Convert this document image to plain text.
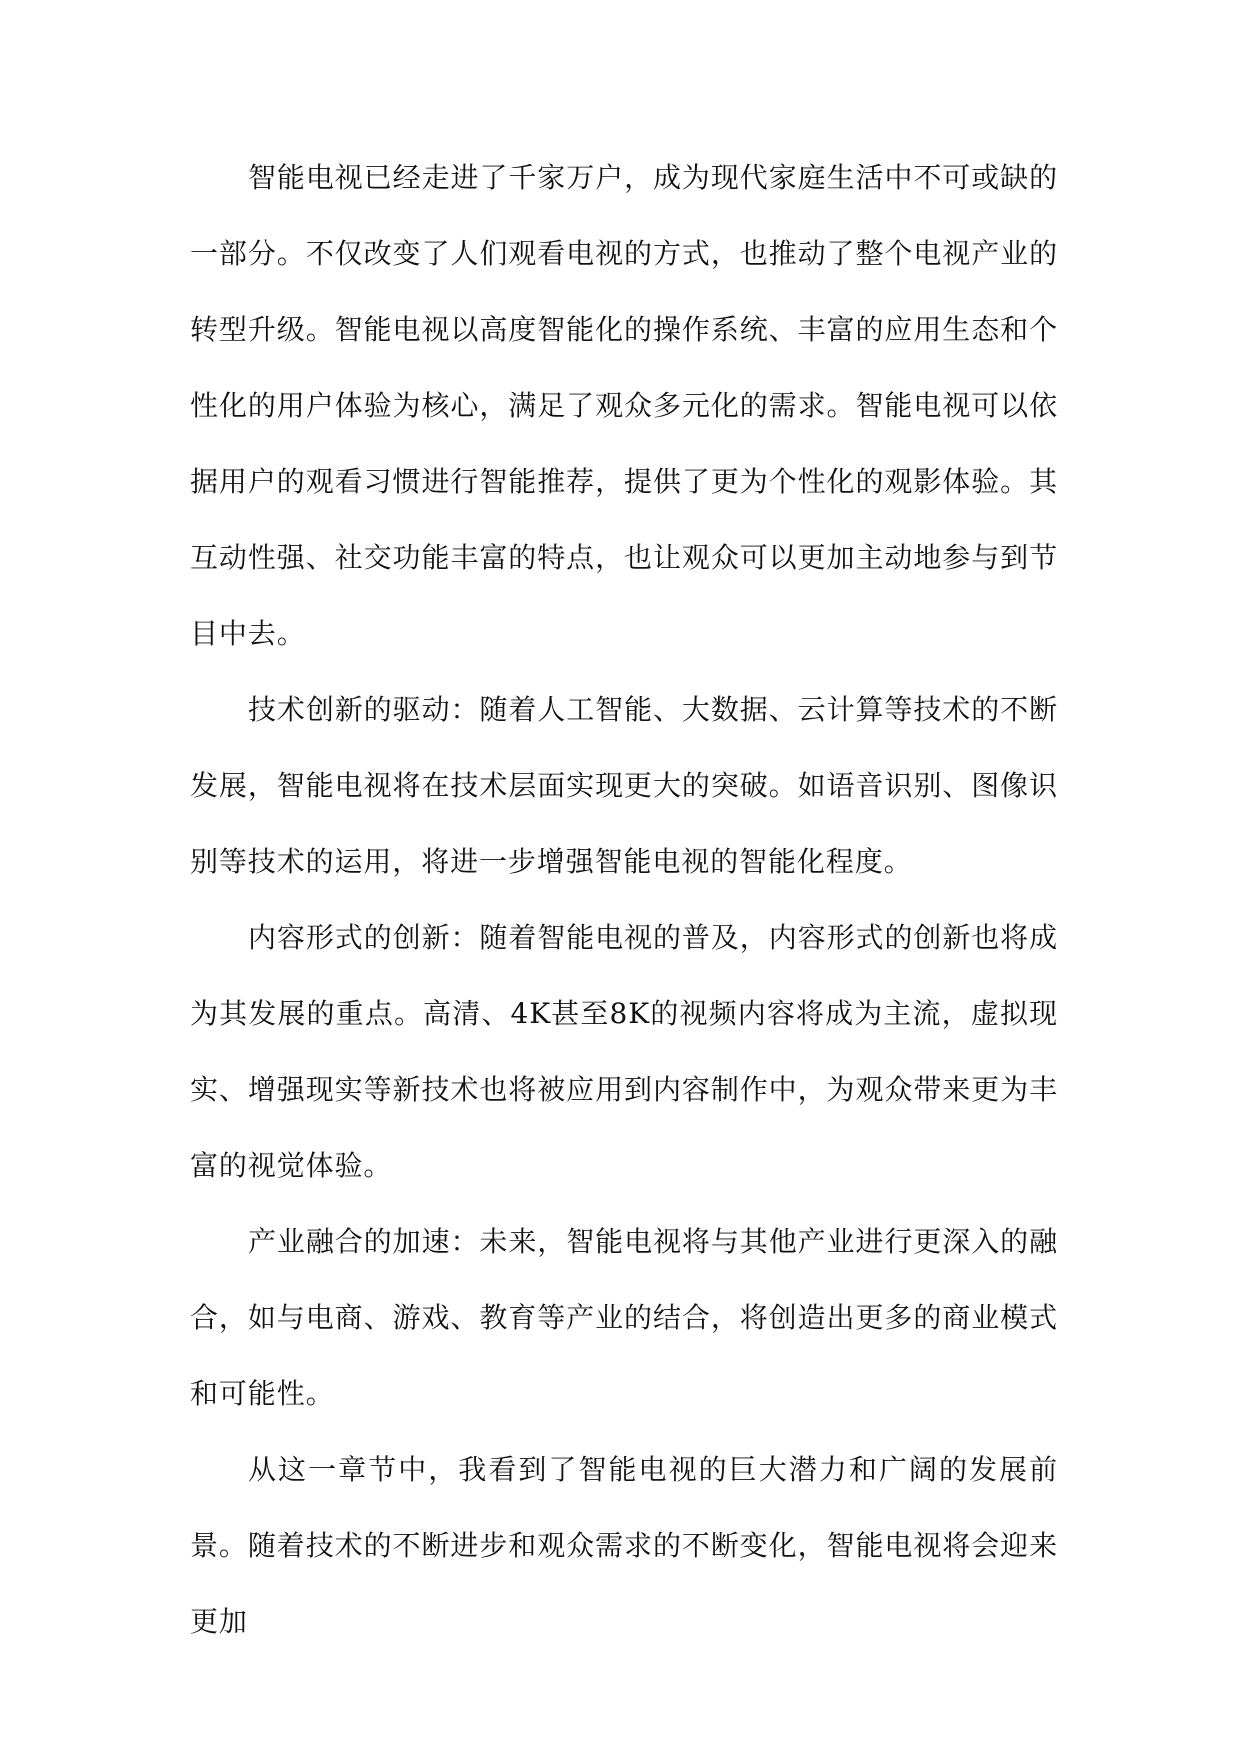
智能电视已经走进了千家万户，成为现代家庭生活中不可或缺的一部分。不仅改变了人们观看电视的方式，也推动了整个电视产业的转型升级。智能电视以高度智能化的操作系统、丰富的应用生态和个性化的用户体验为核心，满足了观众多元化的需求。智能电视可以依据用户的观看习惯进行智能推荐，提供了更为个性化的观影体验。其互动性强、社交功能丰富的特点，也让观众可以更加主动地参与到节目中去。

技术创新的驱动：随着人工智能、大数据、云计算等技术的不断发展，智能电视将在技术层面实现更大的突破。如语音识别、图像识别等技术的运用，将进一步增强智能电视的智能化程度。

内容形式的创新：随着智能电视的普及，内容形式的创新也将成为其发展的重点。高清、4K甚至8K的视频内容将成为主流，虚拟现实、增强现实等新技术也将被应用到内容制作中，为观众带来更为丰富的视觉体验。

产业融合的加速：未来，智能电视将与其他产业进行更深入的融合，如与电商、游戏、教育等产业的结合，将创造出更多的商业模式和可能性。

从这一章节中，我看到了智能电视的巨大潜力和广阔的发展前景。随着技术的不断进步和观众需求的不断变化，智能电视将会迎来更加
